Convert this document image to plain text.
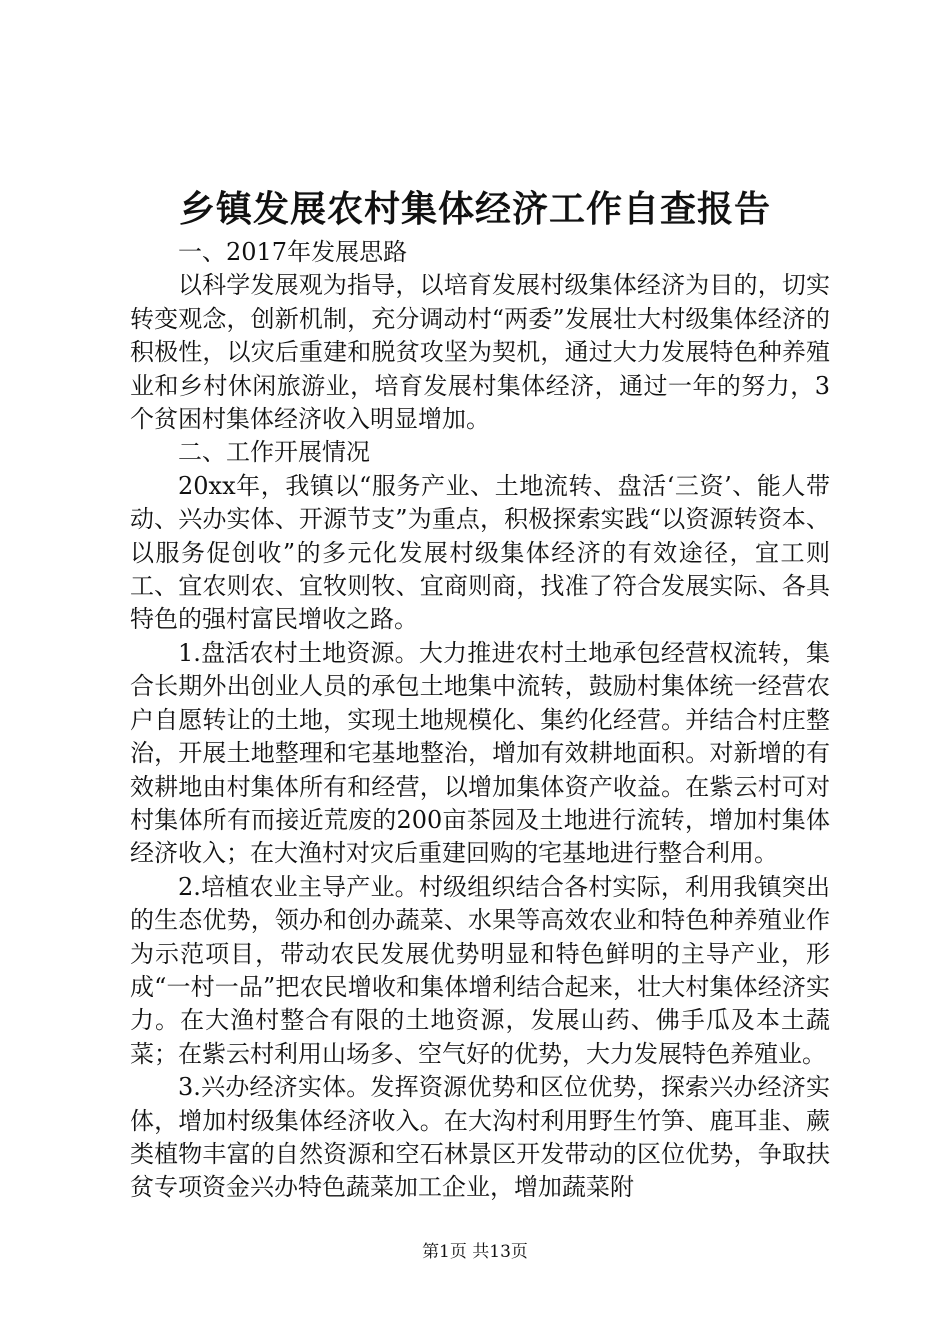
乡镇发展农村集体经济工作自查报告

一、2017年发展思路

以科学发展观为指导，以培育发展村级集体经济为目的，切实转变观念，创新机制，充分调动村“两委”发展壮大村级集体经济的积极性，以灾后重建和脱贫攻坚为契机，通过大力发展特色种养殖业和乡村休闲旅游业，培育发展村集体经济，通过一年的努力，3个贫困村集体经济收入明显增加。

二、工作开展情况

20xx年，我镇以“服务产业、土地流转、盘活‘三资’、能人带动、兴办实体、开源节支”为重点，积极探索实践“以资源转资本、以服务促创收”的多元化发展村级集体经济的有效途径，宜工则工、宜农则农、宜牧则牧、宜商则商，找准了符合发展实际、各具特色的强村富民增收之路。

1.盘活农村土地资源。大力推进农村土地承包经营权流转，集合长期外出创业人员的承包土地集中流转，鼓励村集体统一经营农户自愿转让的土地，实现土地规模化、集约化经营。并结合村庄整治，开展土地整理和宅基地整治，增加有效耕地面积。对新增的有效耕地由村集体所有和经营，以增加集体资产收益。在紫云村可对村集体所有而接近荒废的200亩茶园及土地进行流转，增加村集体经济收入；在大渔村对灾后重建回购的宅基地进行整合利用。

2.培植农业主导产业。村级组织结合各村实际，利用我镇突出的生态优势，领办和创办蔬菜、水果等高效农业和特色种养殖业作为示范项目，带动农民发展优势明显和特色鲜明的主导产业，形成“一村一品”把农民增收和集体增利结合起来，壮大村集体经济实力。在大渔村整合有限的土地资源，发展山药、佛手瓜及本土蔬菜；在紫云村利用山场多、空气好的优势，大力发展特色养殖业。

3.兴办经济实体。发挥资源优势和区位优势，探索兴办经济实体，增加村级集体经济收入。在大沟村利用野生竹笋、鹿耳韭、蕨类植物丰富的自然资源和空石林景区开发带动的区位优势，争取扶贫专项资金兴办特色蔬菜加工企业，增加蔬菜附

第1页 共13页
